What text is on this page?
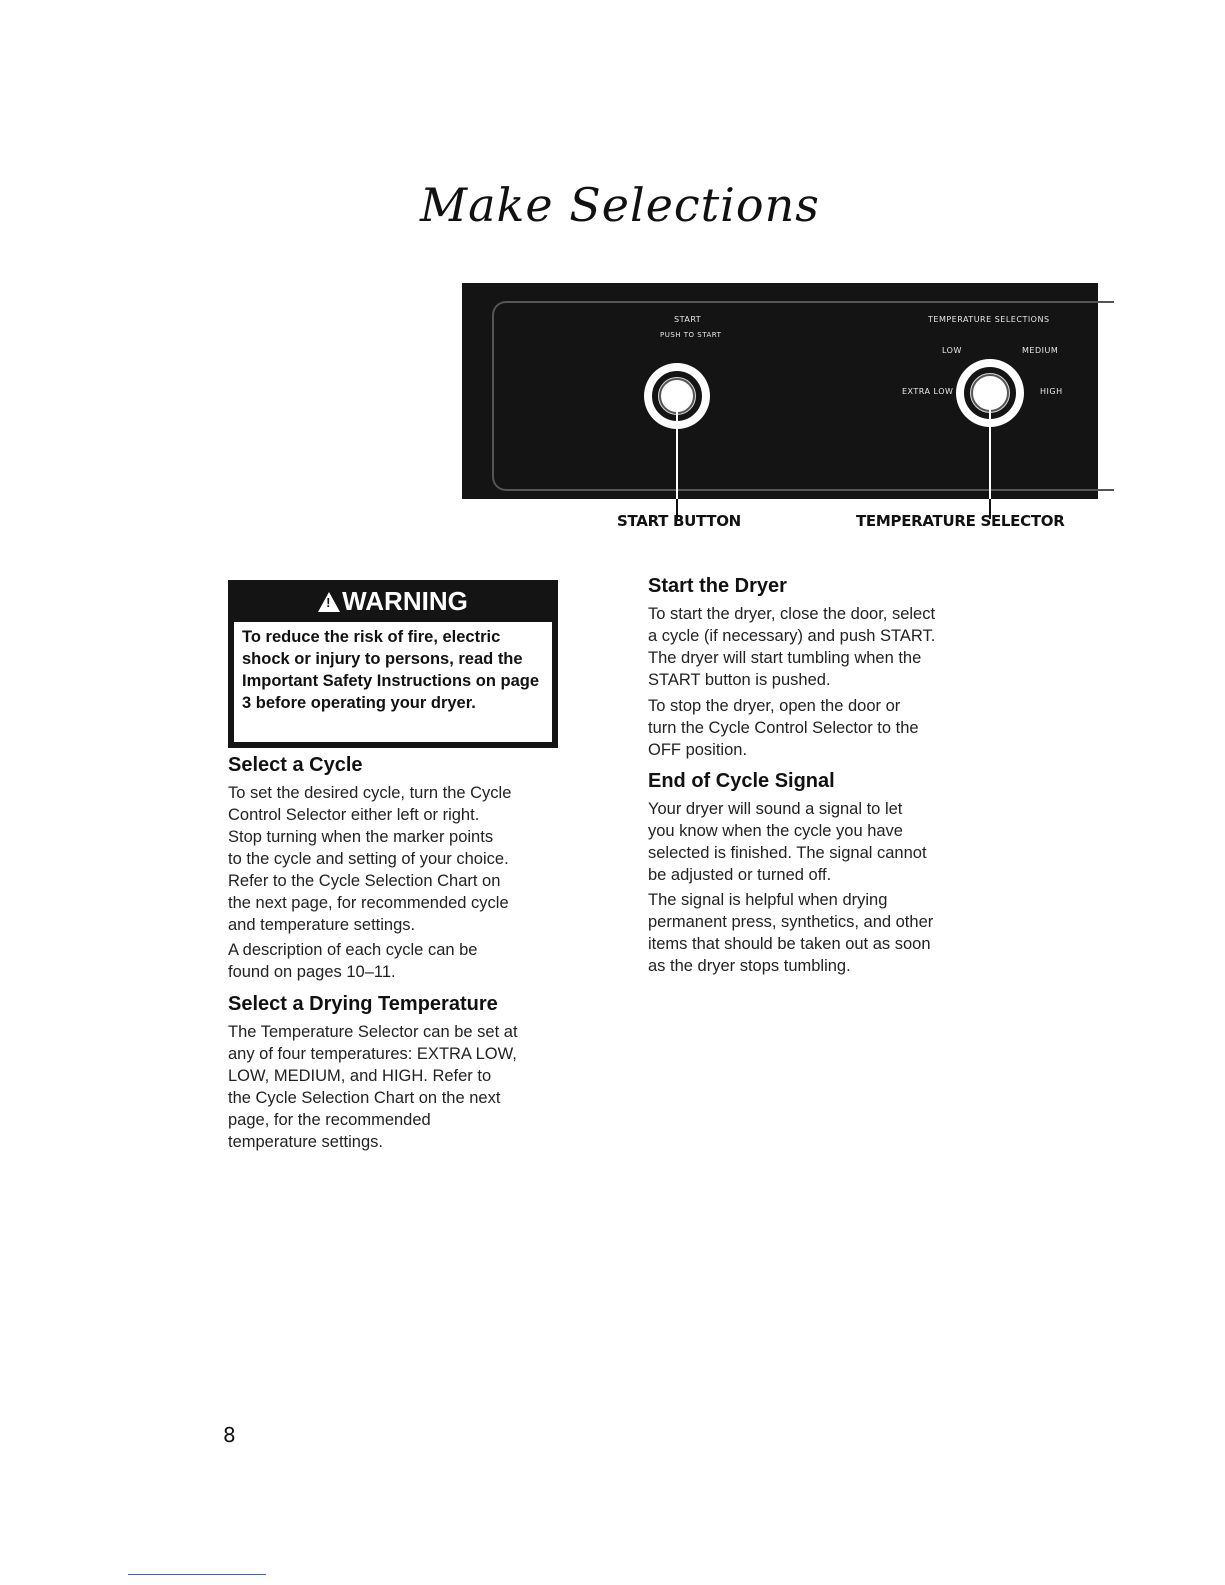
Make Selections
START
PUSH TO START
TEMPERATURE SELECTIONS
LOW	MEDIUM
EXTRA LOW	HIGH
START BUTTON	TEMPERATURE SELECTOR
!WARNING
To reduce the risk of fire, electric shock or injury to persons, read the Important Safety Instructions on page 3 before operating your dryer.
Select a Cycle
To set the desired cycle, turn the Cycle
Control Selector either left or right.
Stop turning when the marker points
to the cycle and setting of your choice.
Refer to the Cycle Selection Chart on
the next page, for recommended cycle
and temperature settings.
A description of each cycle can be
found on pages 10–11.
Select a Drying Temperature
The Temperature Selector can be set at
any of four temperatures: EXTRA LOW,
LOW, MEDIUM, and HIGH. Refer to
the Cycle Selection Chart on the next
page, for the recommended
temperature settings.
Start the Dryer
To start the dryer, close the door, select
a cycle (if necessary) and push START.
The dryer will start tumbling when the
START button is pushed.
To stop the dryer, open the door or
turn the Cycle Control Selector to the
OFF position.
End of Cycle Signal
Your dryer will sound a signal to let
you know when the cycle you have
selected is finished. The signal cannot
be adjusted or turned off.
The signal is helpful when drying
permanent press, synthetics, and other
items that should be taken out as soon
as the dryer stops tumbling.
8
